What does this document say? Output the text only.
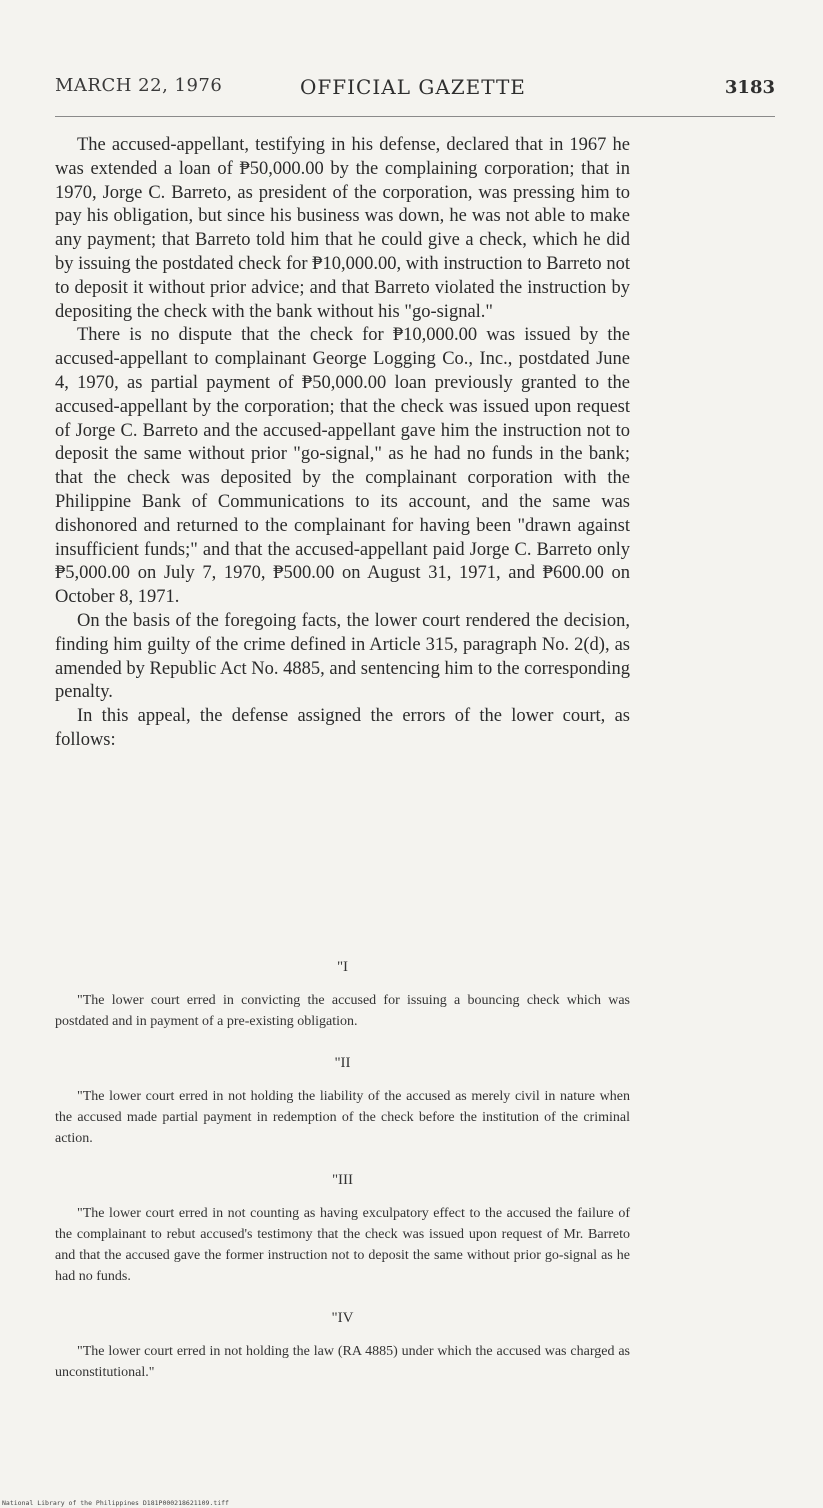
MARCH 22, 1976	OFFICIAL GAZETTE	3183

The accused-appellant, testifying in his defense, declared that in 1967 he was extended a loan of ₱50,000.00 by the complaining corporation; that in 1970, Jorge C. Barreto, as president of the corporation, was pressing him to pay his obligation, but since his business was down, he was not able to make any payment; that Barreto told him that he could give a check, which he did by issuing the postdated check for ₱10,000.00, with instruction to Barreto not to deposit it without prior advice; and that Barreto violated the instruction by depositing the check with the bank without his "go-signal."

There is no dispute that the check for ₱10,000.00 was issued by the accused-appellant to complainant George Logging Co., Inc., postdated June 4, 1970, as partial payment of ₱50,000.00 loan previously granted to the accused-appellant by the corporation; that the check was issued upon request of Jorge C. Barreto and the accused-appellant gave him the instruction not to deposit the same without prior "go-signal," as he had no funds in the bank; that the check was deposited by the complainant corporation with the Philippine Bank of Communications to its account, and the same was dishonored and returned to the complainant for having been "drawn against insufficient funds;" and that the accused-appellant paid Jorge C. Barreto only ₱5,000.00 on July 7, 1970, ₱500.00 on August 31, 1971, and ₱600.00 on October 8, 1971.

On the basis of the foregoing facts, the lower court rendered the decision, finding him guilty of the crime defined in Article 315, paragraph No. 2(d), as amended by Republic Act No. 4885, and sentencing him to the corresponding penalty.

In this appeal, the defense assigned the errors of the lower court, as follows:

"I

"The lower court erred in convicting the accused for issuing a bouncing check which was postdated and in payment of a pre-existing obligation.

"II

"The lower court erred in not holding the liability of the accused as merely civil in nature when the accused made partial payment in redemption of the check before the institution of the criminal action.

"III

"The lower court erred in not counting as having exculpatory effect to the accused the failure of the complainant to rebut accused's testimony that the check was issued upon request of Mr. Barreto and that the accused gave the former instruction not to deposit the same without prior go-signal as he had no funds.

"IV

"The lower court erred in not holding the law (RA 4885) under which the accused was charged as unconstitutional."

National Library of the Philippines D181P000218621109.tiff
